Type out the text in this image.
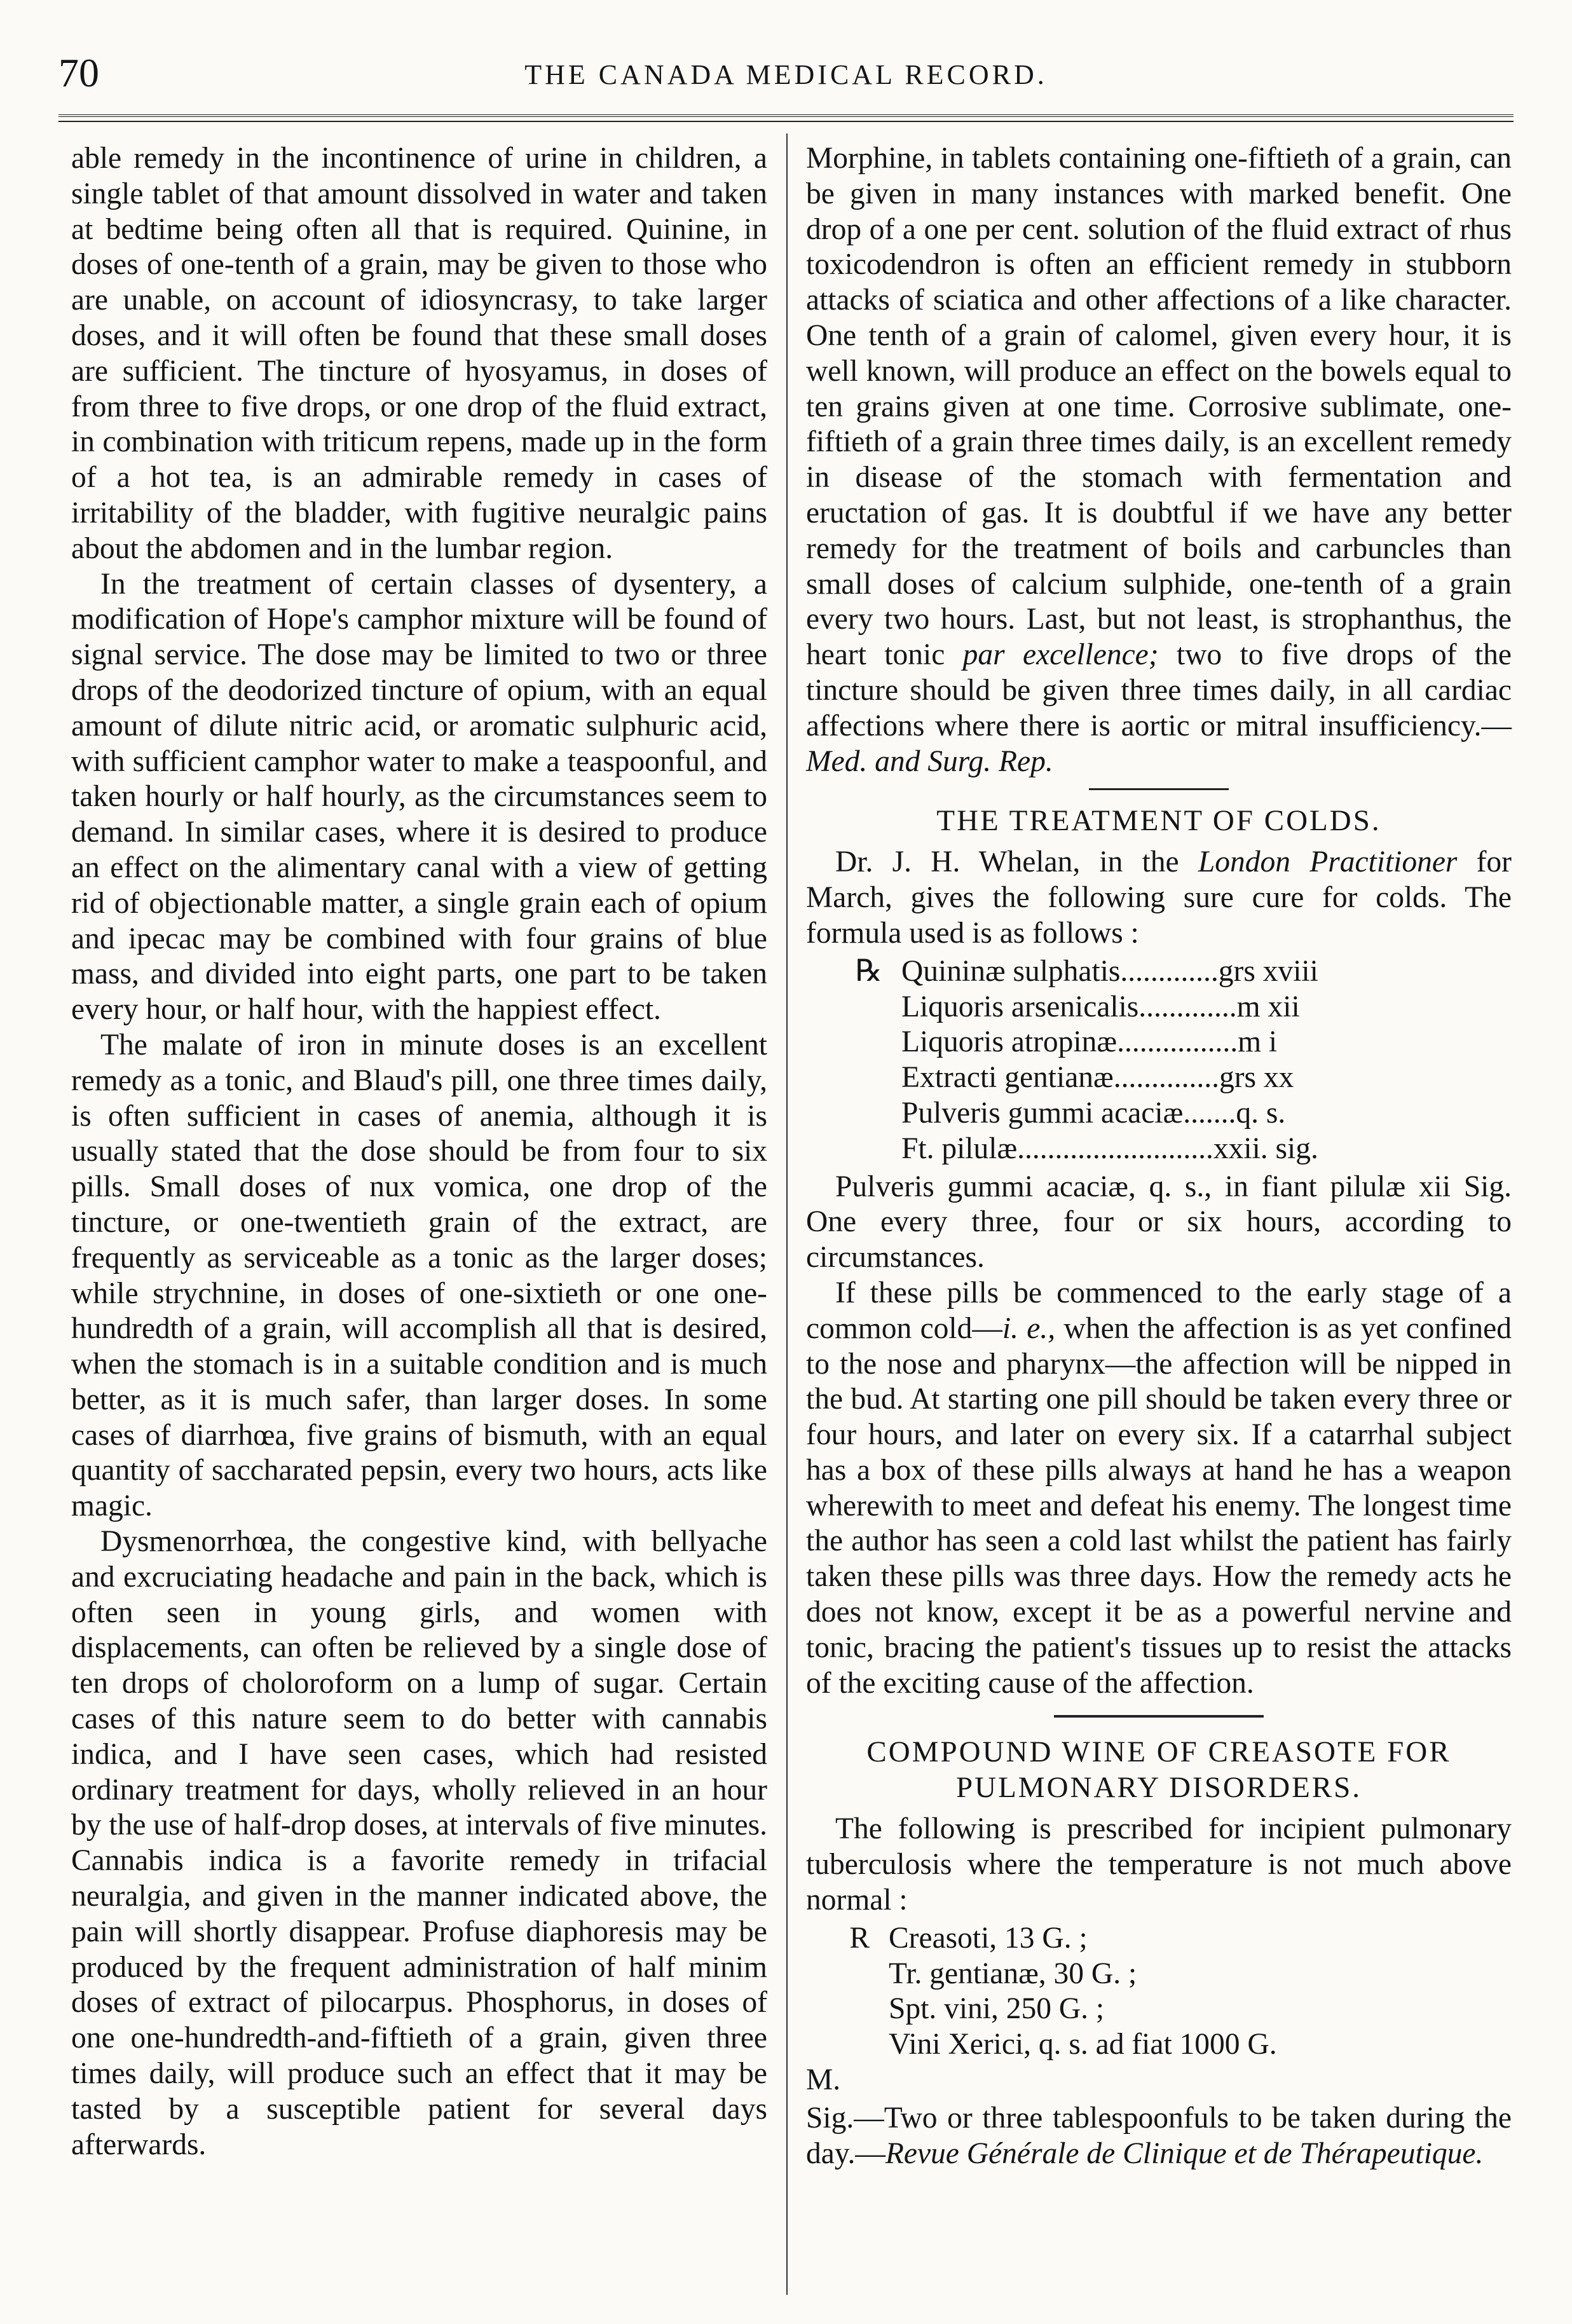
70	THE CANADA MEDICAL RECORD.

able remedy in the incontinence of urine in children, a single tablet of that amount dissolved in water and taken at bedtime being often all that is required. Quinine, in doses of one-tenth of a grain, may be given to those who are unable, on account of idiosyncrasy, to take larger doses, and it will often be found that these small doses are sufficient. The tincture of hyosyamus, in doses of from three to five drops, or one drop of the fluid extract, in combination with triticum repens, made up in the form of a hot tea, is an admirable remedy in cases of irritability of the bladder, with fugitive neuralgic pains about the abdomen and in the lumbar region.

In the treatment of certain classes of dysentery, a modification of Hope's camphor mixture will be found of signal service. The dose may be limited to two or three drops of the deodorized tincture of opium, with an equal amount of dilute nitric acid, or aromatic sulphuric acid, with sufficient camphor water to make a teaspoonful, and taken hourly or half hourly, as the circumstances seem to demand. In similar cases, where it is desired to produce an effect on the alimentary canal with a view of getting rid of objectionable matter, a single grain each of opium and ipecac may be combined with four grains of blue mass, and divided into eight parts, one part to be taken every hour, or half hour, with the happiest effect.

The malate of iron in minute doses is an excellent remedy as a tonic, and Blaud's pill, one three times daily, is often sufficient in cases of anemia, although it is usually stated that the dose should be from four to six pills. Small doses of nux vomica, one drop of the tincture, or one-twentieth grain of the extract, are frequently as serviceable as a tonic as the larger doses; while strychnine, in doses of one-sixtieth or one one-hundredth of a grain, will accomplish all that is desired, when the stomach is in a suitable condition and is much better, as it is much safer, than larger doses. In some cases of diarrhœa, five grains of bismuth, with an equal quantity of saccharated pepsin, every two hours, acts like magic.

Dysmenorrhœa, the congestive kind, with bellyache and excruciating headache and pain in the back, which is often seen in young girls, and women with displacements, can often be relieved by a single dose of ten drops of choloroform on a lump of sugar. Certain cases of this nature seem to do better with cannabis indica, and I have seen cases, which had resisted ordinary treatment for days, wholly relieved in an hour by the use of half-drop doses, at intervals of five minutes. Cannabis indica is a favorite remedy in trifacial neuralgia, and given in the manner indicated above, the pain will shortly disappear. Profuse diaphoresis may be produced by the frequent administration of half minim doses of extract of pilocarpus. Phosphorus, in doses of one one-hundredth-and-fiftieth of a grain, given three times daily, will produce such an effect that it may be tasted by a susceptible patient for several days afterwards.

Morphine, in tablets containing one-fiftieth of a grain, can be given in many instances with marked benefit. One drop of a one per cent. solution of the fluid extract of rhus toxicodendron is often an efficient remedy in stubborn attacks of sciatica and other affections of a like character. One tenth of a grain of calomel, given every hour, it is well known, will produce an effect on the bowels equal to ten grains given at one time. Corrosive sublimate, one-fiftieth of a grain three times daily, is an excellent remedy in disease of the stomach with fermentation and eructation of gas. It is doubtful if we have any better remedy for the treatment of boils and carbuncles than small doses of calcium sulphide, one-tenth of a grain every two hours. Last, but not least, is strophanthus, the heart tonic par excellence; two to five drops of the tincture should be given three times daily, in all cardiac affections where there is aortic or mitral insufficiency.—Med. and Surg. Rep.

THE TREATMENT OF COLDS.

Dr. J. H. Whelan, in the London Practitioner for March, gives the following sure cure for colds. The formula used is as follows :

℞ Quininæ sulphatis.............grs xviii
Liquoris arsenicalis.............m xii
Liquoris atropinæ................m i
Extracti gentianæ..............grs xx
Pulveris gummi acaciæ.......q. s.
Ft. pilulæ..........................xxii. sig.

Pulveris gummi acaciæ, q. s., in fiant pilulæ xii Sig. One every three, four or six hours, according to circumstances.

If these pills be commenced to the early stage of a common cold—i. e., when the affection is as yet confined to the nose and pharynx—the affection will be nipped in the bud. At starting one pill should be taken every three or four hours, and later on every six. If a catarrhal subject has a box of these pills always at hand he has a weapon wherewith to meet and defeat his enemy. The longest time the author has seen a cold last whilst the patient has fairly taken these pills was three days. How the remedy acts he does not know, except it be as a powerful nervine and tonic, bracing the patient's tissues up to resist the attacks of the exciting cause of the affection.

COMPOUND WINE OF CREASOTE FOR
PULMONARY DISORDERS.

The following is prescribed for incipient pulmonary tuberculosis where the temperature is not much above normal :

R Creasoti, 13 G. ;
Tr. gentianæ, 30 G. ;
Spt. vini, 250 G. ;
Vini Xerici, q. s. ad fiat 1000 G.
M.

Sig.—Two or three tablespoonfuls to be taken during the day.—Revue Générale de Clinique et de Thérapeutique.
